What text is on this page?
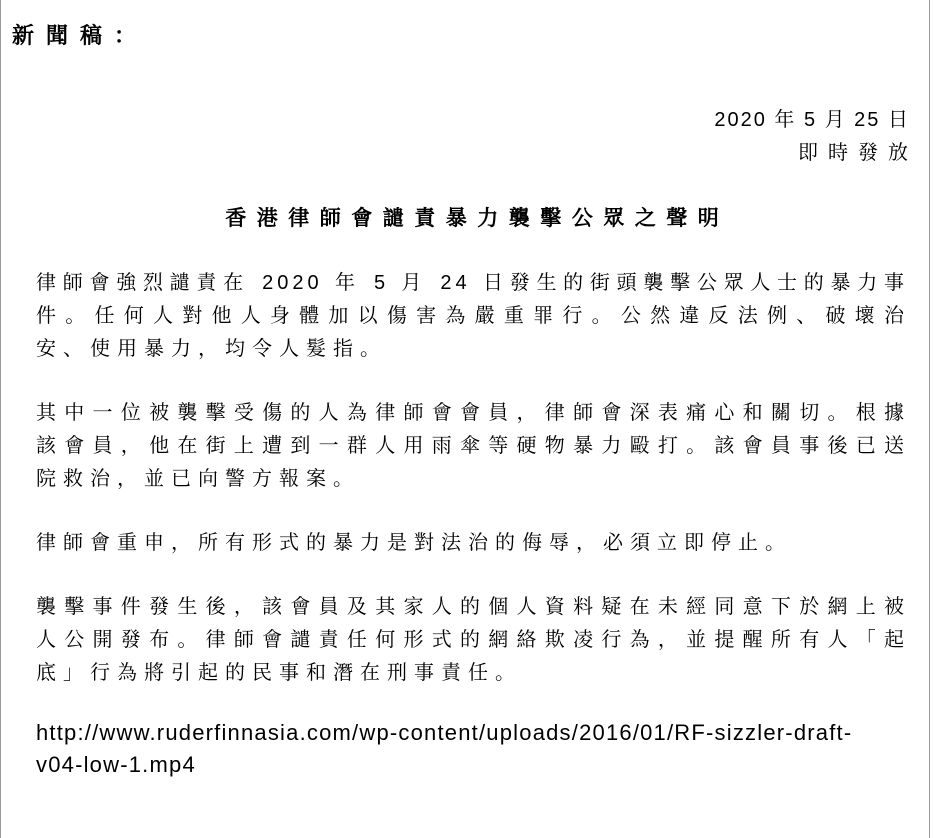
新聞稿：
2020 年 5 月 25 日
即時發放
香港律師會譴責暴力襲擊公眾之聲明
律師會強烈譴責在 2020 年 5 月 24 日發生的街頭襲擊公眾人士的暴力事
件。任何人對他人身體加以傷害為嚴重罪行。公然違反法例、破壞治
安、使用暴力，均令人髮指。
其中一位被襲擊受傷的人為律師會會員，律師會深表痛心和關切。根據
該會員，他在街上遭到一群人用雨傘等硬物暴力毆打。該會員事後已送
院救治，並已向警方報案。
律師會重申，所有形式的暴力是對法治的侮辱，必須立即停止。
襲擊事件發生後，該會員及其家人的個人資料疑在未經同意下於網上被
人公開發布。律師會譴責任何形式的網絡欺凌行為，並提醒所有人「起
底」行為將引起的民事和潛在刑事責任。
http://www.ruderfinnasia.com/wp-content/uploads/2016/01/RF-sizzler-draft-
v04-low-1.mp4
